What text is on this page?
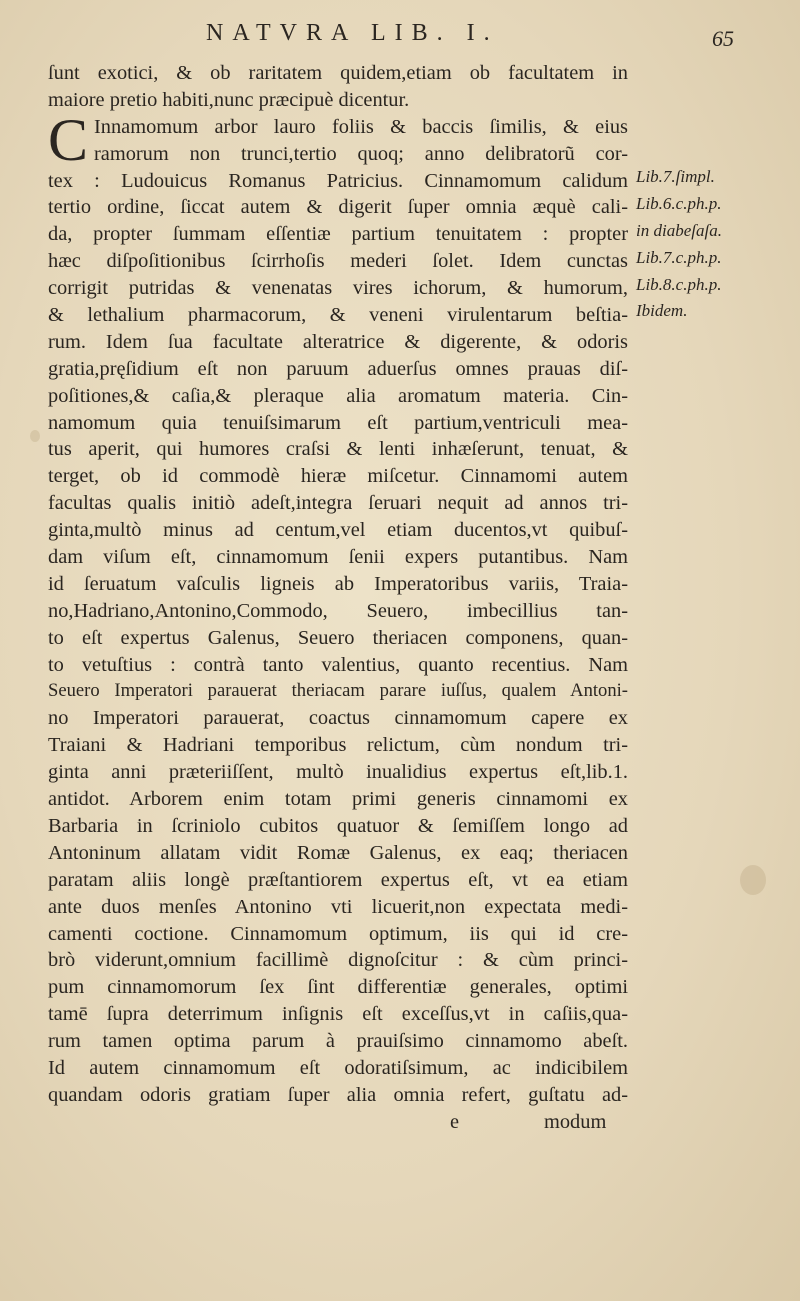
NATVRA LIB. I.	65
ſunt exotici, & ob raritatem quidem,etiam ob facultatem in
maiore pretio habiti,nunc præcipuè dicentur.
C Innamomum arbor lauro foliis & baccis ſimilis, & eius
ramorum non trunci,tertio quoq; anno delibratorũ cor-
tex : Ludouicus Romanus Patricius. Cinnamomum calidum
tertio ordine, ſiccat autem & digerit ſuper omnia æquè cali-
da, propter ſummam eſſentiæ partium tenuitatem : propter
hæc diſpoſitionibus ſcirrhoſis mederi ſolet. Idem cunctas
corrigit putridas & venenatas vires ichorum, & humorum,
& lethalium pharmacorum, & veneni virulentarum beſtia-
rum. Idem ſua facultate alteratrice & digerente, & odoris
gratia,pręſidium eſt non paruum aduerſus omnes prauas diſ-
poſitiones,& caſia,& pleraque alia aromatum materia. Cin-
namomum quia tenuiſsimarum eſt partium,ventriculi mea-
tus aperit, qui humores craſsi & lenti inhæſerunt, tenuat, &
terget, ob id commodè hieræ miſcetur. Cinnamomi autem
facultas qualis initiò adeſt,integra ſeruari nequit ad annos tri-
ginta,multò minus ad centum,vel etiam ducentos,vt quibuſ-
dam viſum eſt, cinnamomum ſenii expers putantibus. Nam
id ſeruatum vaſculis ligneis ab Imperatoribus variis, Traia-
no,Hadriano,Antonino,Commodo, Seuero, imbecillius tan-
to eſt expertus Galenus, Seuero theriacen componens, quan-
to vetuſtius : contrà tanto valentius, quanto recentius. Nam
Seuero Imperatori parauerat theriacam parare iuſſus, qualem Antoni-
no Imperatori parauerat, coactus cinnamomum capere ex
Traiani & Hadriani temporibus relictum, cùm nondum tri-
ginta anni præteriiſſent, multò inualidius expertus eſt,lib.1.
antidot. Arborem enim totam primi generis cinnamomi ex
Barbaria in ſcriniolo cubitos quatuor & ſemiſſem longo ad
Antoninum allatam vidit Romæ Galenus, ex eaq; theriacen
paratam aliis longè præſtantiorem expertus eſt, vt ea etiam
ante duos menſes Antonino vti licuerit,non expectata medi-
camenti coctione. Cinnamomum optimum, iis qui id cre-
brò viderunt,omnium facillimè dignoſcitur : & cùm princi-
pum cinnamomorum ſex ſint differentiæ generales, optimi
tamē ſupra deterrimum inſignis eſt exceſſus,vt in caſiis,qua-
rum tamen optima parum à prauiſsimo cinnamomo abeſt.
Id autem cinnamomum eſt odoratiſsimum, ac indicibilem
quandam odoris gratiam ſuper alia omnia refert, guſtatu ad-
e	modum
Lib.7.ſimpl.
Lib.6.c.ph.p.
in diabeſaſa.
Lib.7.c.ph.p.
Lib.8.c.ph.p.
Ibidem.
